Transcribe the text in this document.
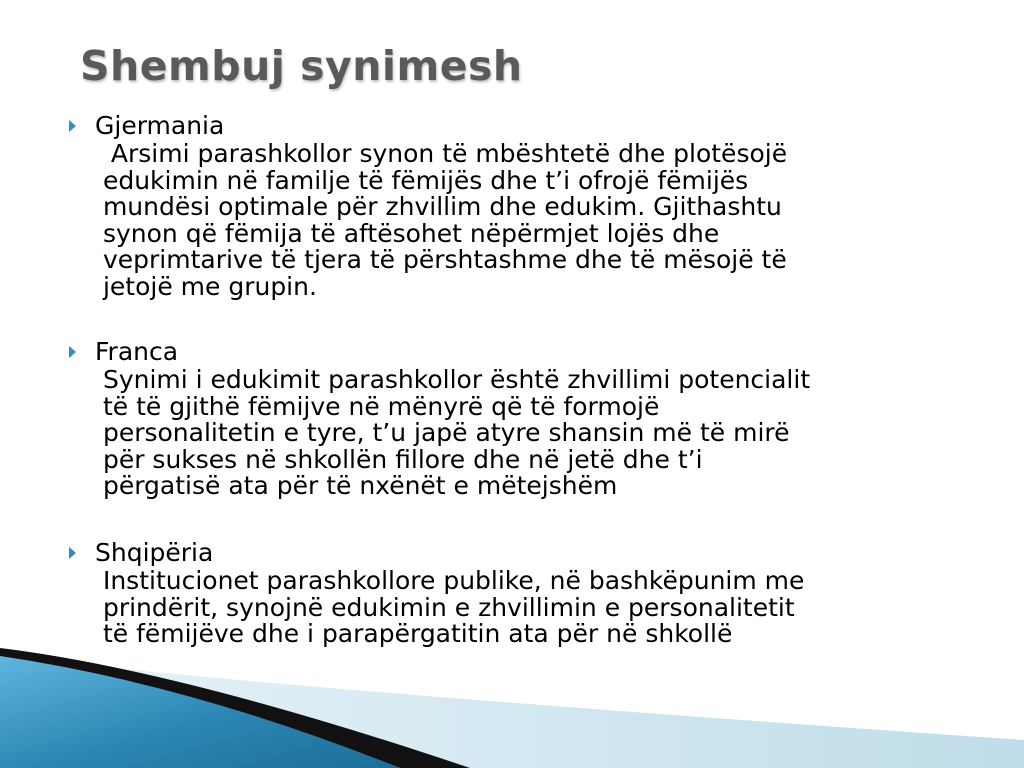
Shembuj synimesh
Gjermania

Arsimi parashkollor synon të mbështetë dhe plotësojë
edukimin në familje të fëmijës dhe t’i ofrojë fëmijës
mundësi optimale për zhvillim dhe edukim. Gjithashtu
synon që fëmija të aftësohet nëpërmjet lojës dhe
veprimtarive të tjera të përshtashme dhe të mësojë të
jetojë me grupin.

Franca

Synimi i edukimit parashkollor është zhvillimi potencialit
të të gjithë fëmijve në mënyrë që të formojë
personalitetin e tyre, t’u japë atyre shansin më të mirë
për sukses në shkollën fillore dhe në jetë dhe t’i
përgatisë ata për të nxënët e mëtejshëm

Shqipëria

Institucionet parashkollore publike, në bashkëpunim me
prindërit, synojnë edukimin e zhvillimin e personalitetit
të fëmijëve dhe i parapërgatitin ata për në shkollë
